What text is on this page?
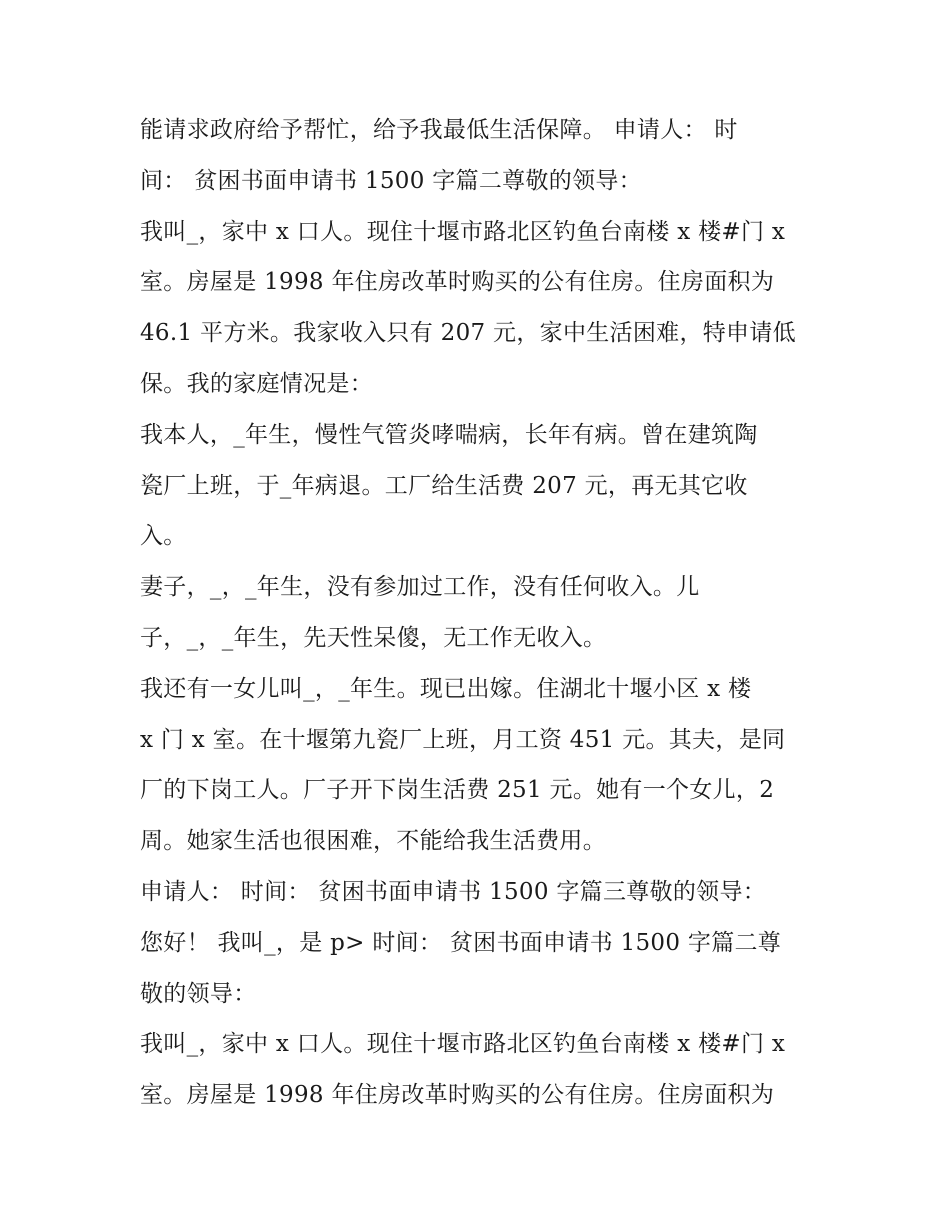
能请求政府给予帮忙，给予我最低生活保障。 申请人： 时
间： 贫困书面申请书 1500 字篇二尊敬的领导：
我叫_，家中 x 口人。现住十堰市路北区钓鱼台南楼 x 楼#门 x
室。房屋是 1998 年住房改革时购买的公有住房。住房面积为
46.1 平方米。我家收入只有 207 元，家中生活困难，特申请低
保。我的家庭情况是：
我本人，_年生，慢性气管炎哮喘病，长年有病。曾在建筑陶
瓷厂上班，于_年病退。工厂给生活费 207 元，再无其它收
入。
妻子，_，_年生，没有参加过工作，没有任何收入。儿
子，_，_年生，先天性呆傻，无工作无收入。
我还有一女儿叫_，_年生。现已出嫁。住湖北十堰小区 x 楼
x 门 x 室。在十堰第九瓷厂上班，月工资 451 元。其夫，是同
厂的下岗工人。厂子开下岗生活费 251 元。她有一个女儿，2
周。她家生活也很困难，不能给我生活费用。
申请人： 时间： 贫困书面申请书 1500 字篇三尊敬的领导：
您好！ 我叫_，是 p> 时间： 贫困书面申请书 1500 字篇二尊
敬的领导：
我叫_，家中 x 口人。现住十堰市路北区钓鱼台南楼 x 楼#门 x
室。房屋是 1998 年住房改革时购买的公有住房。住房面积为
